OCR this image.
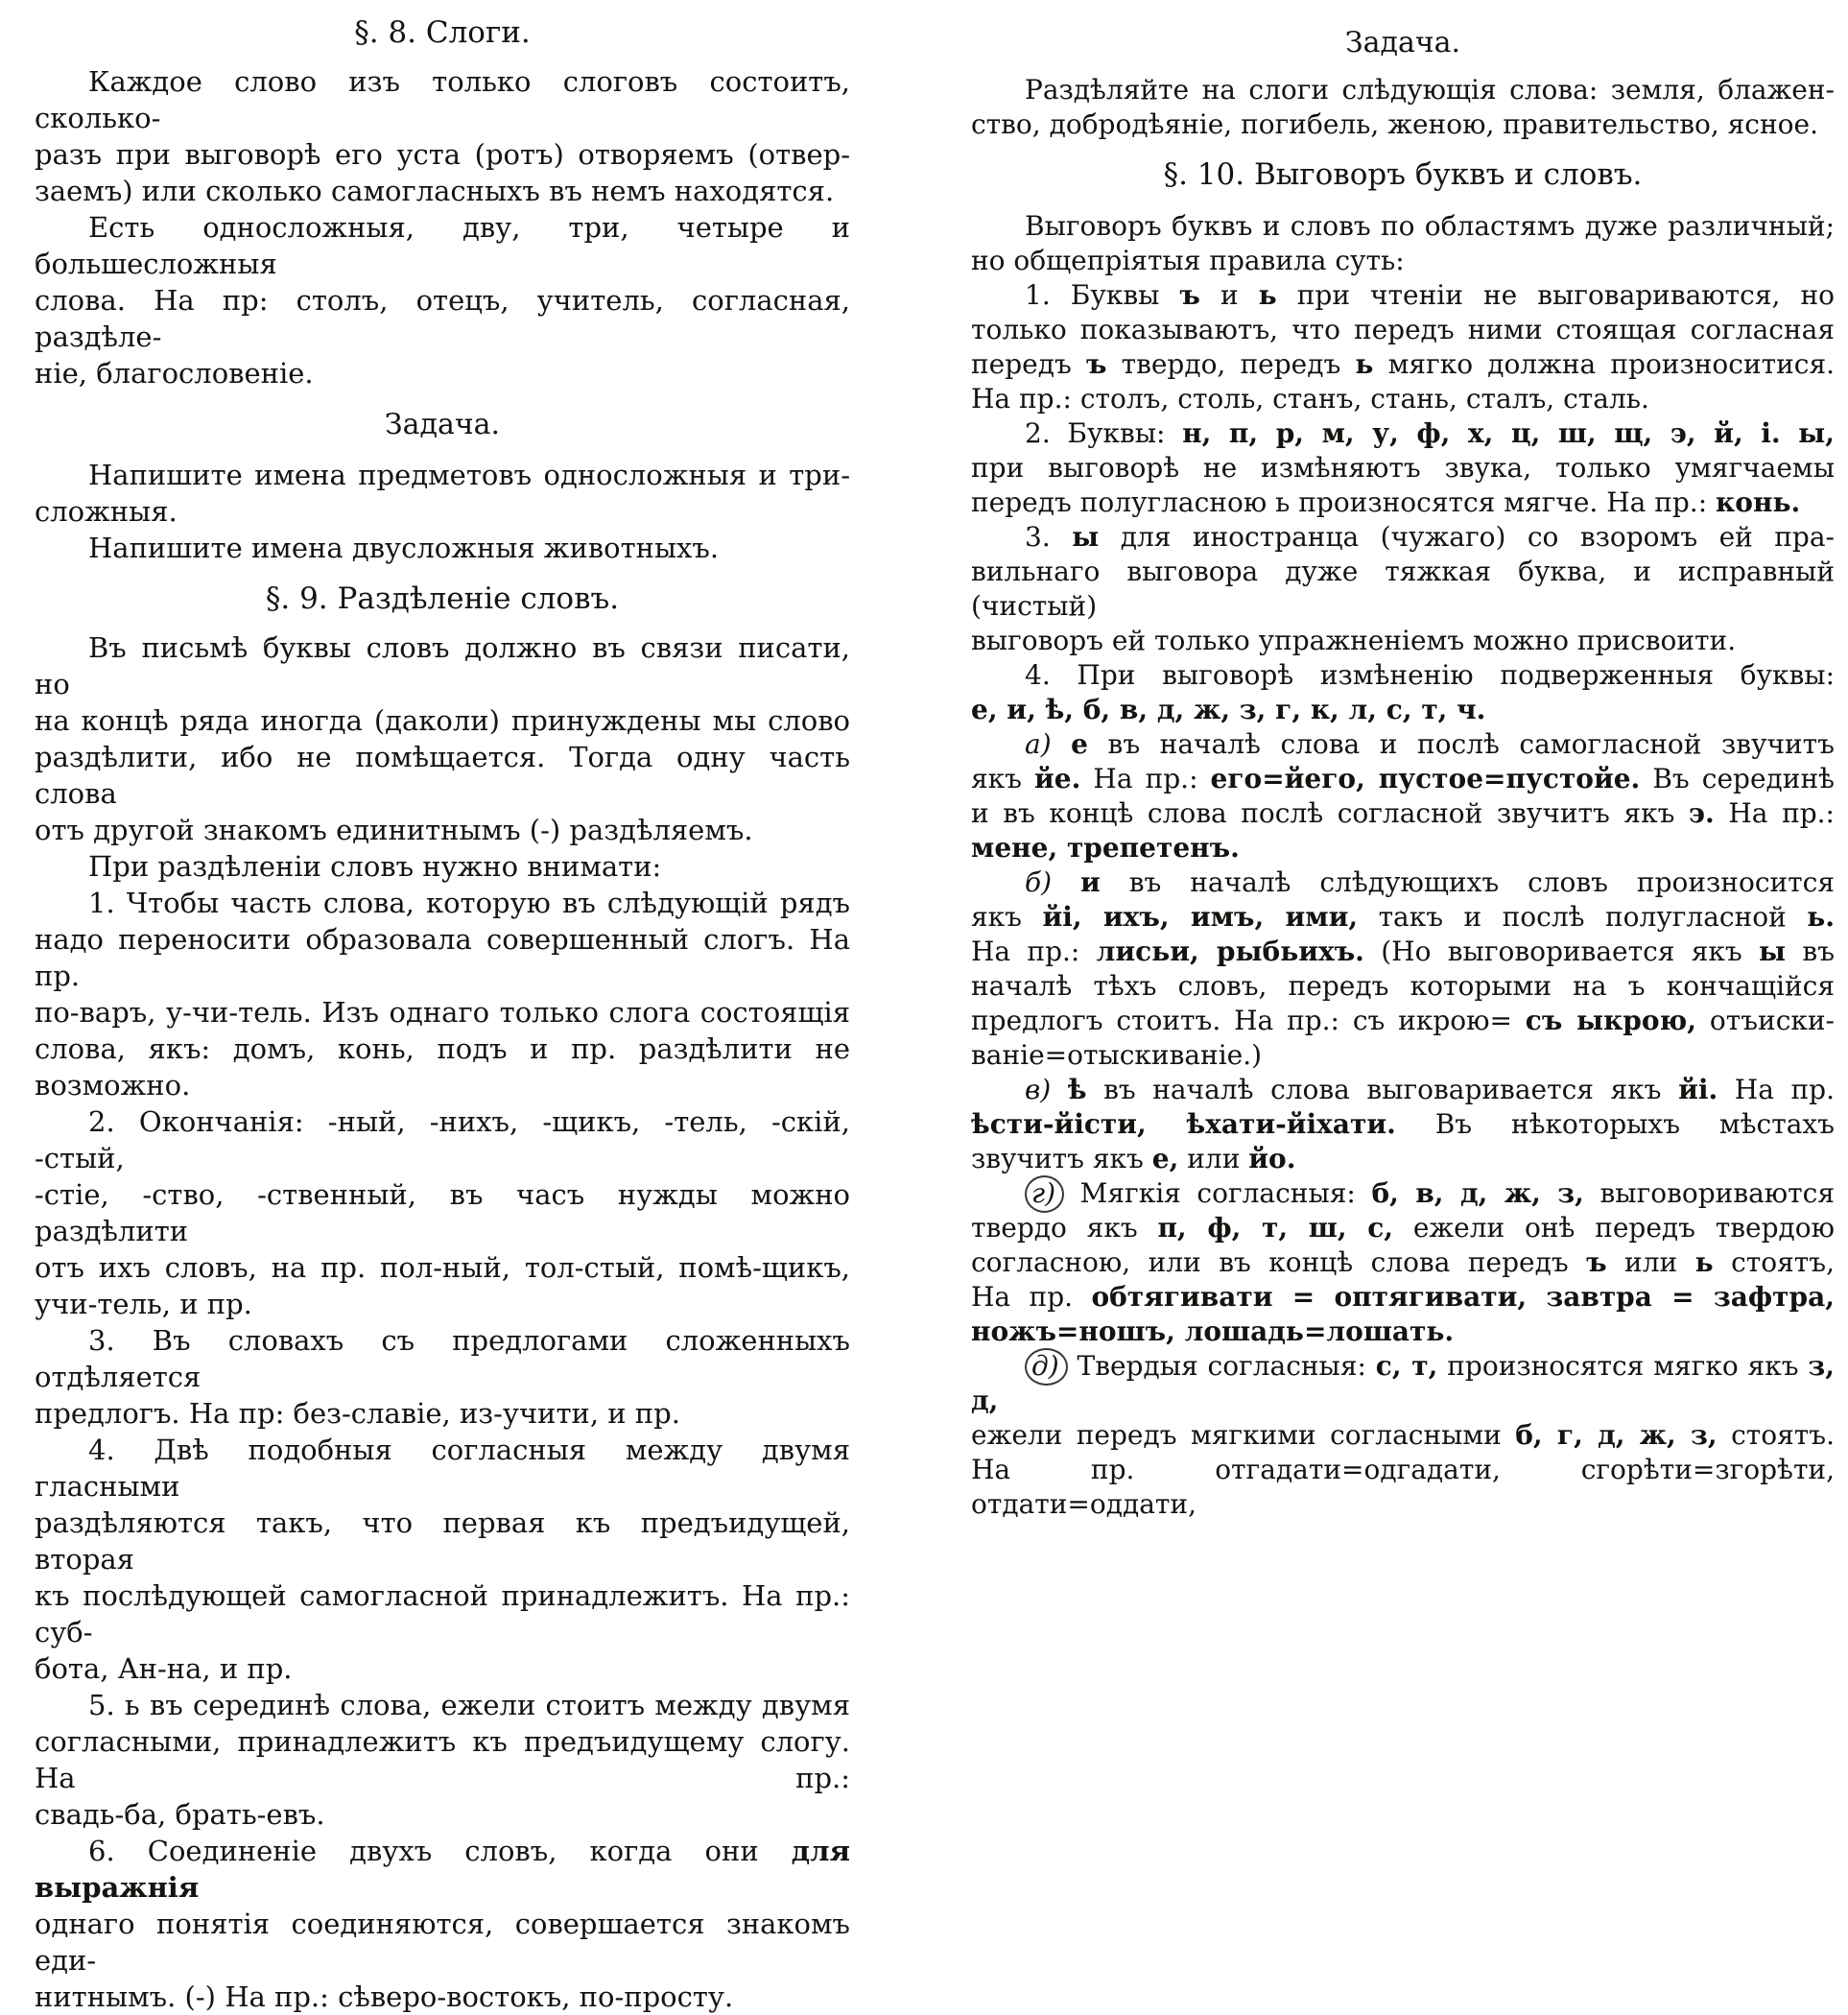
§. 8. Слоги.
Каждое слово изъ только слоговъ состоитъ, сколько-
разъ при выговорѣ его уста (ротъ) отворяемъ (отвер-
заемъ) или сколько самогласныхъ въ немъ находятся.
Есть односложныя, дву, три, четыре и большесложныя
слова. На пр: столъ, отецъ, учитель, согласная, раздѣле-
ніе, благословеніе.
Задача.
Напишите имена предметовъ односложныя и три-
сложныя.
Напишите имена двусложныя животныхъ.
§. 9. Раздѣленіе словъ.
Въ письмѣ буквы словъ должно въ связи писати, но
на концѣ ряда иногда (даколи) принуждены мы слово
раздѣлити, ибо не помѣщается. Тогда одну часть слова
отъ другой знакомъ единитнымъ (-) раздѣляемъ.
При раздѣленіи словъ нужно внимати:
1. Чтобы часть слова, которую въ слѣдующій рядъ
надо переносити образовала совершенный слогъ. На пр.
по-варъ, у-чи-тель. Изъ однаго только слога состоящія
слова, якъ: домъ, конь, подъ и пр. раздѣлити не возможно.
2. Окончанія: -ный, -нихъ, -щикъ, -тель, -скій, -стый,
-стіе, -ство, -ственный, въ часъ нужды можно раздѣлити
отъ ихъ словъ, на пр. пол-ный, тол-стый, помѣ-щикъ,
учи-тель, и пр.
3. Въ словахъ съ предлогами сложенныхъ отдѣляется
предлогъ. На пр: без-славіе, из-учити, и пр.
4. Двѣ подобныя согласныя между двумя гласными
раздѣляются такъ, что первая къ предъидущей, вторая
къ послѣдующей самогласной принадлежитъ. На пр.: суб-
бота, Ан-на, и пр.
5. ь въ серединѣ слова, ежели стоитъ между двумя
согласными, принадлежитъ къ предъидущему слогу. На пр.:
свадь-ба, брать-евъ.
6. Соединеніе двухъ словъ, когда они для выражнія
однаго понятія соединяются, совершается знакомъ еди-
нитнымъ. (-) На пр.: сѣверо-востокъ, по-просту.
Задача.
Раздѣляйте на слоги слѣдующія слова: земля, блажен-
ство, добродѣяніе, погибель, женою, правительство, ясное.
§. 10. Выговоръ буквъ и словъ.
Выговоръ буквъ и словъ по областямъ дуже различный;
но общепріятыя правила суть:
1. Буквы ъ и ь при чтеніи не выговариваются, но
только показываютъ, что передъ ними стоящая согласная
передъ ъ твердо, передъ ь мягко должна произноситися.
На пр.: столъ, столь, станъ, стань, сталъ, сталь.
2. Буквы: н, п, р, м, у, ф, х, ц, ш, щ, э, й, і. ы,
при выговорѣ не измѣняютъ звука, только умягчаемы
передъ полугласною ь произносятся мягче. На пр.: конь.
3. ы для иностранца (чужаго) со взоромъ ей пра-
вильнаго выговора дуже тяжкая буква, и исправный (чистый)
выговоръ ей только упражненіемъ можно присвоити.
4. При выговорѣ измѣненію подверженныя буквы:
е, и, ѣ, б, в, д, ж, з, г, к, л, с, т, ч.
а) е въ началѣ слова и послѣ самогласной звучитъ
якъ йе. На пр.: его=йего, пустое=пустойе. Въ серединѣ
и въ концѣ слова послѣ согласной звучитъ якъ э. На пр.:
мене, трепетенъ.
б) и въ началѣ слѣдующихъ словъ произносится
якъ йі, ихъ, имъ, ими, такъ и послѣ полугласной ь.
На пр.: лисьи, рыбьихъ. (Но выговоривается якъ ы въ
началѣ тѣхъ словъ, передъ которыми на ъ кончащійся
предлогъ стоитъ. На пр.: съ икрою= съ ыкрою, отъиски-
ваніе=отыскиваніе.)
в) ѣ въ началѣ слова выговаривается якъ йі. На пр.
ѣсти-йісти, ѣхати-йіхати. Въ нѣкоторыхъ мѣстахъ
звучитъ якъ е, или йо.
г) Мягкія согласныя: б, в, д, ж, з, выговориваются
твердо якъ п, ф, т, ш, с, ежели онѣ передъ твердою
согласною, или въ концѣ слова передъ ъ или ь стоятъ,
На пр. обтягивати = оптягивати, завтра = зафтра,
ножъ=ношъ, лошадь=лошать.
д) Твердыя согласныя: с, т, произносятся мягко якъ з, д,
ежели передъ мягкими согласными б, г, д, ж, з, стоятъ.
На пр. отгадати=одгадати, сгорѣти=згорѣти, отдати=оддати,
